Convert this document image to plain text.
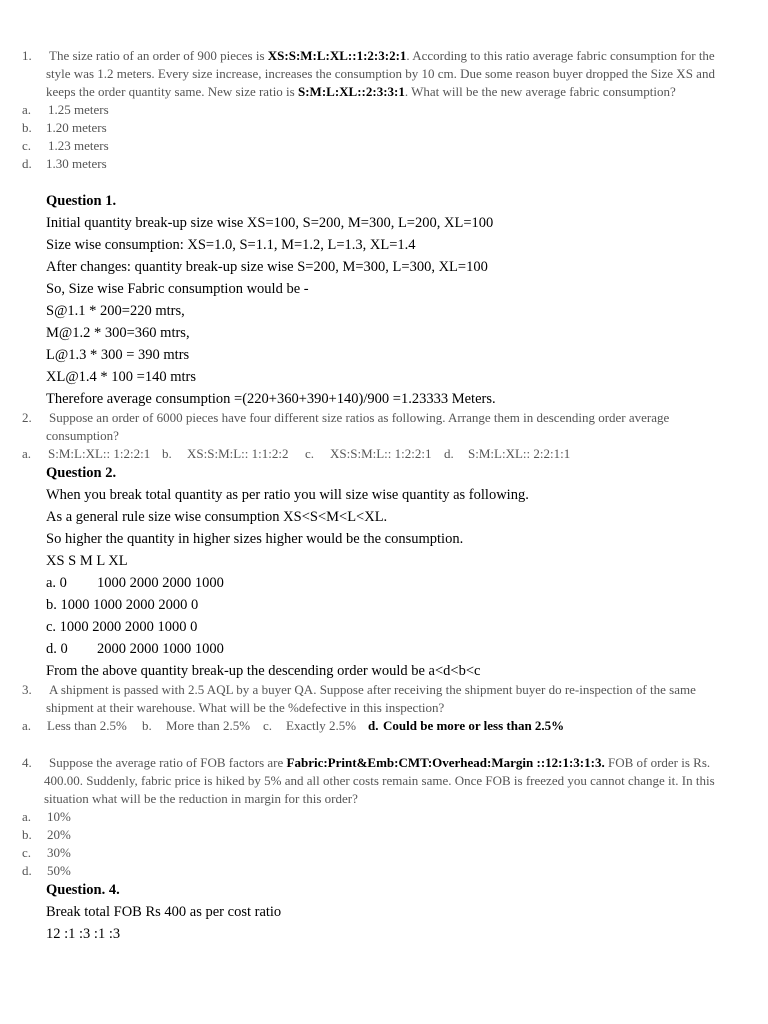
1. The size ratio of an order of 900 pieces is XS:S:M:L:XL::1:2:3:2:1. According to this ratio average fabric consumption for the
style was 1.2 meters. Every size increase, increases the consumption by 10 cm. Due some reason buyer dropped the Size XS and
keeps the order quantity same. New size ratio is S:M:L:XL::2:3:3:1. What will be the new average fabric consumption?
a. 1.25 meters
b. 1.20 meters
c. 1.23 meters
d. 1.30 meters
Question 1.
Initial quantity break-up size wise XS=100, S=200, M=300, L=200, XL=100
Size wise consumption: XS=1.0, S=1.1, M=1.2, L=1.3, XL=1.4
After changes: quantity break-up size wise S=200, M=300, L=300, XL=100
So, Size wise Fabric consumption would be -
S@1.1 * 200=220 mtrs,
M@1.2 * 300=360 mtrs,
L@1.3 * 300 = 390 mtrs
XL@1.4 * 100 =140 mtrs
Therefore average consumption =(220+360+390+140)/900 =1.23333 Meters.
2. Suppose an order of 6000 pieces have four different size ratios as following. Arrange them in descending order average
consumption?
a. S:M:L:XL:: 1:2:2:1 b. XS:S:M:L:: 1:1:2:2 c. XS:S:M:L:: 1:2:2:1 d. S:M:L:XL:: 2:2:1:1
Question 2.
When you break total quantity as per ratio you will size wise quantity as following.
As a general rule size wise consumption XS<S<M<L<XL.
So higher the quantity in higher sizes higher would be the consumption.
XS S M L XL
a. 0 1000 2000 2000 1000
b. 1000 1000 2000 2000 0
c. 1000 2000 2000 1000 0
d. 0 2000 2000 1000 1000
From the above quantity break-up the descending order would be a<d<b<c
3. A shipment is passed with 2.5 AQL by a buyer QA. Suppose after receiving the shipment buyer do re-inspection of the same
shipment at their warehouse. What will be the %defective in this inspection?
a. Less than 2.5% b. More than 2.5% c. Exactly 2.5% d. Could be more or less than 2.5%
4. Suppose the average ratio of FOB factors are Fabric:Print&Emb:CMT:Overhead:Margin ::12:1:3:1:3. FOB of order is Rs.
400.00. Suddenly, fabric price is hiked by 5% and all other costs remain same. Once FOB is freezed you cannot change it. In this
situation what will be the reduction in margin for this order?
a. 10%
b. 20%
c. 30%
d. 50%
Question. 4.
Break total FOB Rs 400 as per cost ratio
12 :1 :3 :1 :3
